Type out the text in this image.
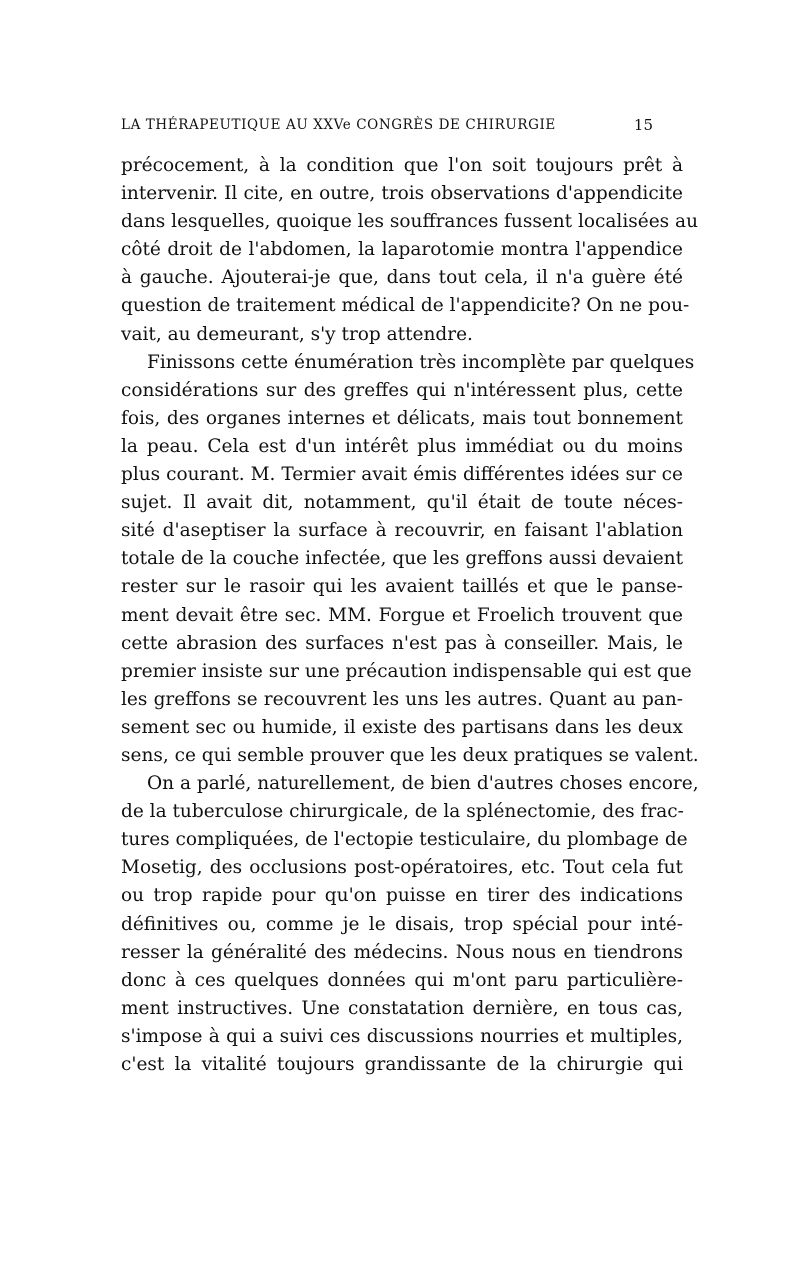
LA THÉRAPEUTIQUE AU XXVe CONGRÈS DE CHIRURGIE	15
précocement, à la condition que l'on soit toujours prêt à
intervenir. Il cite, en outre, trois observations d'appendicite
dans lesquelles, quoique les souffrances fussent localisées au
côté droit de l'abdomen, la laparotomie montra l'appendice
à gauche. Ajouterai-je que, dans tout cela, il n'a guère été
question de traitement médical de l'appendicite? On ne pou-
vait, au demeurant, s'y trop attendre.
Finissons cette énumération très incomplète par quelques
considérations sur des greffes qui n'intéressent plus, cette
fois, des organes internes et délicats, mais tout bonnement
la peau. Cela est d'un intérêt plus immédiat ou du moins
plus courant. M. Termier avait émis différentes idées sur ce
sujet. Il avait dit, notamment, qu'il était de toute néces-
sité d'aseptiser la surface à recouvrir, en faisant l'ablation
totale de la couche infectée, que les greffons aussi devaient
rester sur le rasoir qui les avaient taillés et que le panse-
ment devait être sec. MM. Forgue et Froelich trouvent que
cette abrasion des surfaces n'est pas à conseiller. Mais, le
premier insiste sur une précaution indispensable qui est que
les greffons se recouvrent les uns les autres. Quant au pan-
sement sec ou humide, il existe des partisans dans les deux
sens, ce qui semble prouver que les deux pratiques se valent.
On a parlé, naturellement, de bien d'autres choses encore,
de la tuberculose chirurgicale, de la splénectomie, des frac-
tures compliquées, de l'ectopie testiculaire, du plombage de
Mosetig, des occlusions post-opératoires, etc. Tout cela fut
ou trop rapide pour qu'on puisse en tirer des indications
définitives ou, comme je le disais, trop spécial pour inté-
resser la généralité des médecins. Nous nous en tiendrons
donc à ces quelques données qui m'ont paru particulière-
ment instructives. Une constatation dernière, en tous cas,
s'impose à qui a suivi ces discussions nourries et multiples,
c'est la vitalité toujours grandissante de la chirurgie qui
